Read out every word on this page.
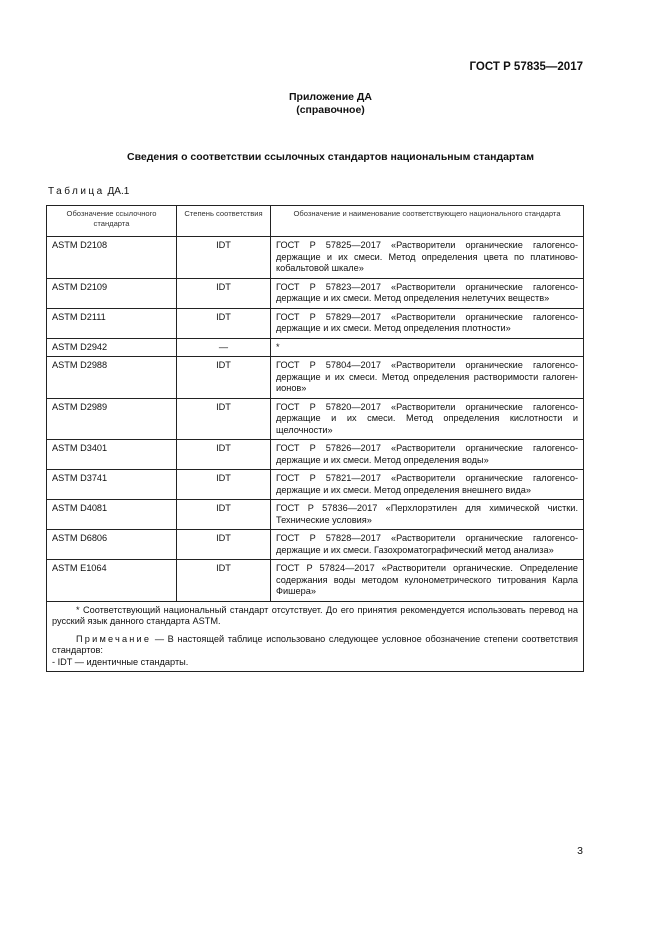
ГОСТ Р 57835—2017
Приложение ДА
(справочное)
Сведения о соответствии ссылочных стандартов национальным стандартам
Таблица ДА.1
Обозначение ссылочного стандарта	Степень соответствия	Обозначение и наименование соответствующего национального стандарта
ASTM D2108	IDT	ГОСТ Р 57825—2017 «Растворители органические галогенсо-держащие и их смеси. Метод определения цвета по платиново-кобальтовой шкале»
ASTM D2109	IDT	ГОСТ Р 57823—2017 «Растворители органические галогенсо-держащие и их смеси. Метод определения нелетучих веществ»
ASTM D2111	IDT	ГОСТ Р 57829—2017 «Растворители органические галогенсо-держащие и их смеси. Метод определения плотности»
ASTM D2942	—	*
ASTM D2988	IDT	ГОСТ Р 57804—2017 «Растворители органические галогенсо-держащие и их смеси. Метод определения растворимости галоген-ионов»
ASTM D2989	IDT	ГОСТ Р 57820—2017 «Растворители органические галогенсо-держащие и их смеси. Метод определения кислотности и щелочности»
ASTM D3401	IDT	ГОСТ Р 57826—2017 «Растворители органические галогенсо-держащие и их смеси. Метод определения воды»
ASTM D3741	IDT	ГОСТ Р 57821—2017 «Растворители органические галогенсо-держащие и их смеси. Метод определения внешнего вида»
ASTM D4081	IDT	ГОСТ Р 57836—2017 «Перхлорэтилен для химической чистки. Технические условия»
ASTM D6806	IDT	ГОСТ Р 57828—2017 «Растворители органические галогенсо-держащие и их смеси. Газохроматографический метод анализа»
ASTM E1064	IDT	ГОСТ Р 57824—2017 «Растворители органические. Определение содержания воды методом кулонометрического титрования Карла Фишера»

* Соответствующий национальный стандарт отсутствует. До его принятия рекомендуется использовать перевод на русский язык данного стандарта ASTM.

Примечание — В настоящей таблице использовано следующее условное обозначение степени соответствия стандартов:

- IDT — идентичные стандарты.		

3
